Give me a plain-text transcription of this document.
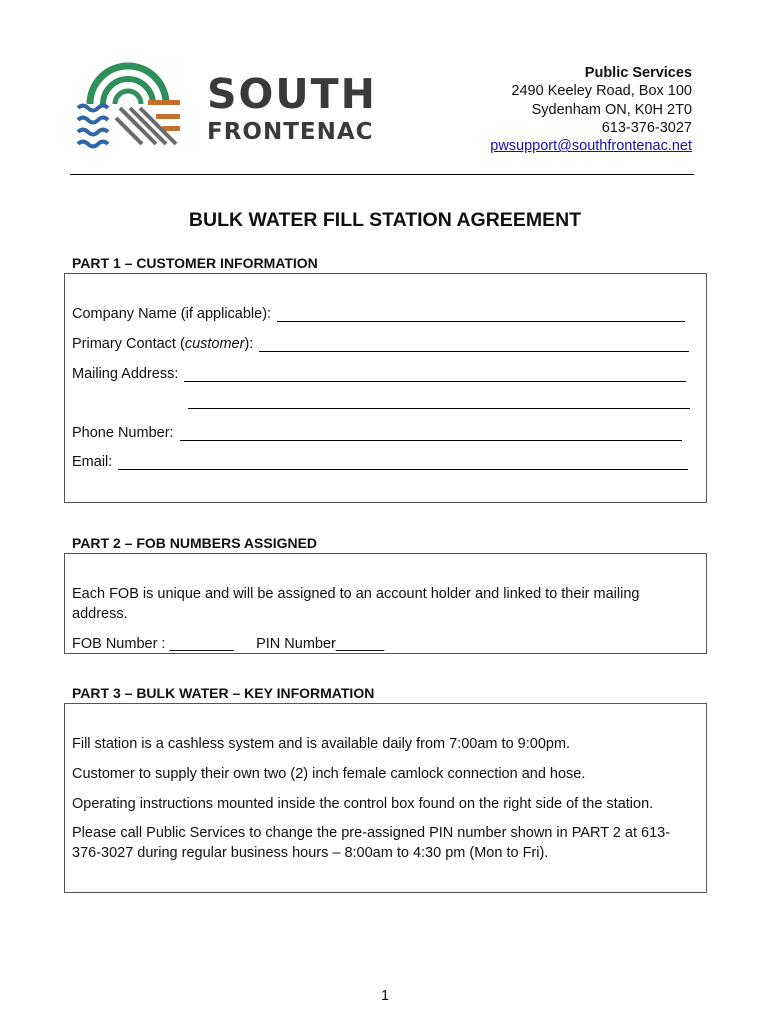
SOUTH
FRONTENAC
Public Services
2490 Keeley Road, Box 100
Sydenham ON, K0H 2T0
613-376-3027
pwsupport@southfrontenac.net
BULK WATER FILL STATION AGREEMENT
PART 1 – CUSTOMER INFORMATION
Company Name (if applicable):
Primary Contact (customer):
Mailing Address:
Phone Number:
Email:
PART 2 – FOB NUMBERS ASSIGNED
Each FOB is unique and will be assigned to an account holder and linked to their mailing address.
FOB Number : ________ PIN Number______
PART 3 – BULK WATER – KEY INFORMATION
Fill station is a cashless system and is available daily from 7:00am to 9:00pm.
Customer to supply their own two (2) inch female camlock connection and hose.
Operating instructions mounted inside the control box found on the right side of the station.
Please call Public Services to change the pre-assigned PIN number shown in PART 2 at 613-376-3027 during regular business hours – 8:00am to 4:30 pm (Mon to Fri).
1
